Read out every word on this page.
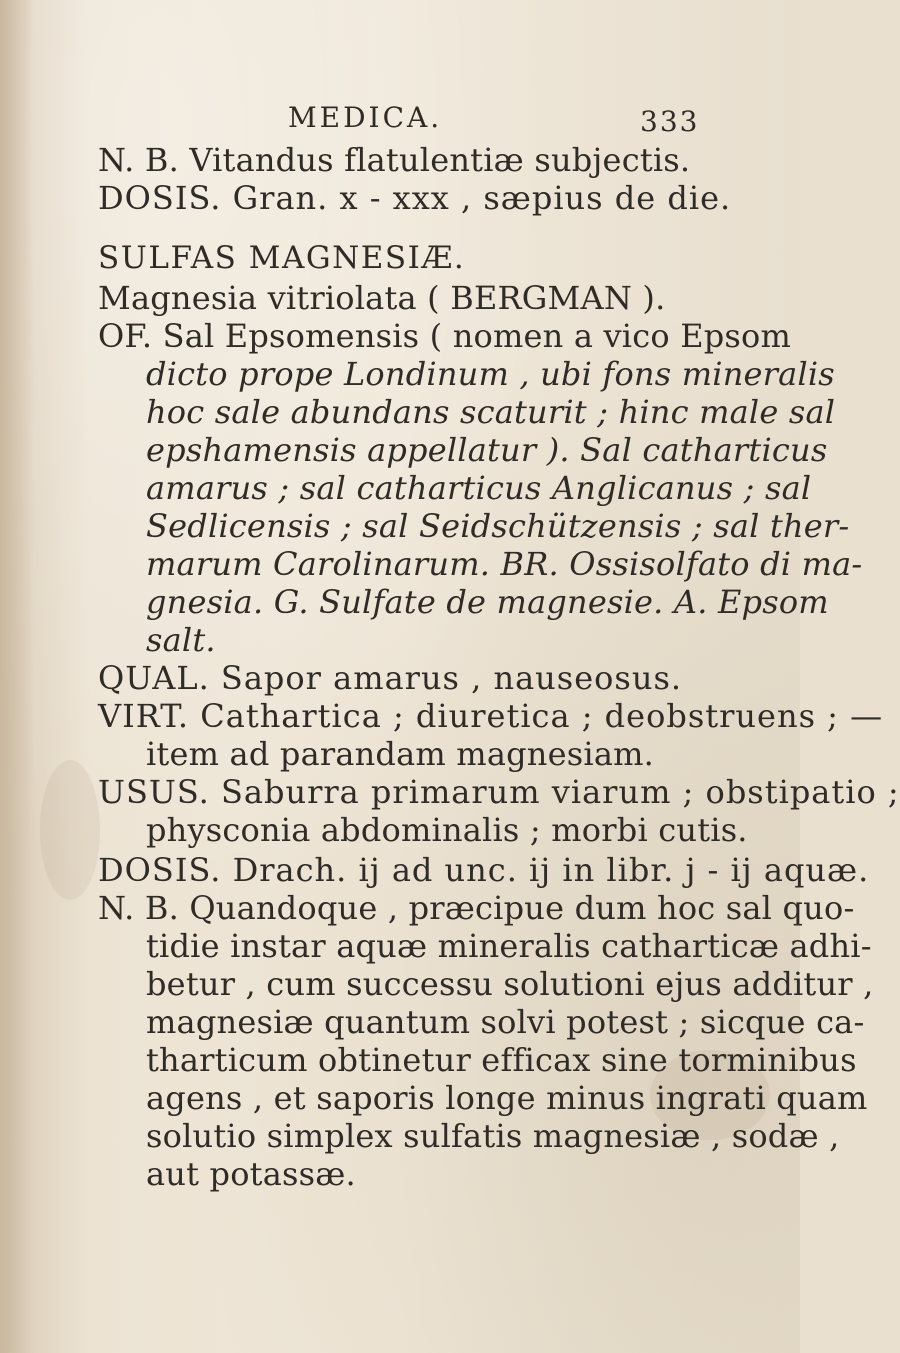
MEDICA.	333
N. B. Vitandus flatulentiæ subjectis.
DOSIS. Gran. x - xxx , sæpius de die.
SULFAS MAGNESIÆ.
Magnesia vitriolata ( BERGMAN ).
OF. Sal Epsomensis ( nomen a vico Epsom
dicto prope Londinum , ubi fons mineralis
hoc sale abundans scaturit ; hinc male sal
epshamensis appellatur ). Sal catharticus
amarus ; sal catharticus Anglicanus ; sal
Sedlicensis ; sal Seidschützensis ; sal ther-
marum Carolinarum. BR. Ossisolfato di ma-
gnesia. G. Sulfate de magnesie. A. Epsom
salt.
QUAL. Sapor amarus , nauseosus.
VIRT. Cathartica ; diuretica ; deobstruens ; —
item ad parandam magnesiam.
USUS. Saburra primarum viarum ; obstipatio ;
physconia abdominalis ; morbi cutis.
DOSIS. Drach. ij ad unc. ij in libr. j - ij aquæ.
N. B. Quandoque , præcipue dum hoc sal quo-
tidie instar aquæ mineralis catharticæ adhi-
betur , cum successu solutioni ejus additur ,
magnesiæ quantum solvi potest ; sicque ca-
tharticum obtinetur efficax sine torminibus
agens , et saporis longe minus ingrati quam
solutio simplex sulfatis magnesiæ , sodæ ,
aut potassæ.
